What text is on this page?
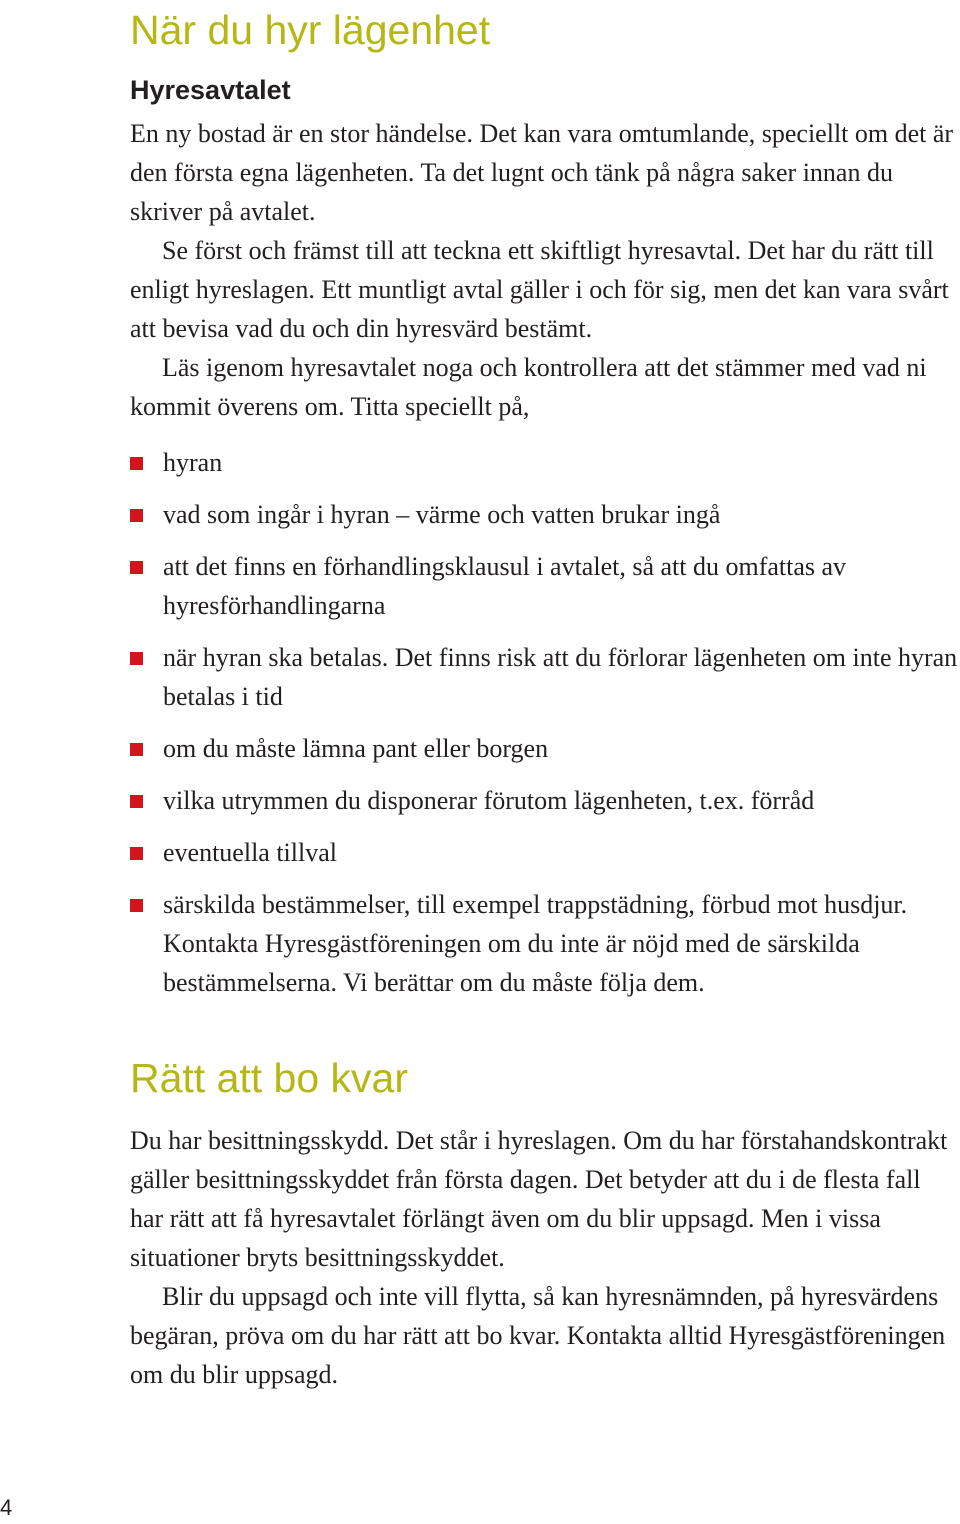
När du hyr lägenhet
Hyresavtalet

En ny bostad är en stor händelse. Det kan vara omtumlande, speciellt om det är den första egna lägenheten. Ta det lugnt och tänk på några saker innan du skriver på avtalet.

Se först och främst till att teckna ett skiftligt hyresavtal. Det har du rätt till enligt hyreslagen. Ett muntligt avtal gäller i och för sig, men det kan vara svårt att bevisa vad du och din hyresvärd bestämt.

Läs igenom hyresavtalet noga och kontrollera att det stämmer med vad ni kommit överens om. Titta speciellt på,

hyran
vad som ingår i hyran – värme och vatten brukar ingå
att det finns en förhandlingsklausul i avtalet, så att du omfattas av hyresförhandlingarna
när hyran ska betalas. Det finns risk att du förlorar lägenheten om inte hyran betalas i tid
om du måste lämna pant eller borgen
vilka utrymmen du disponerar förutom lägenheten, t.ex. förråd
eventuella tillval
särskilda bestämmelser, till exempel trappstädning, förbud mot husdjur. Kontakta Hyresgästföreningen om du inte är nöjd med de särskilda bestämmelserna. Vi berättar om du måste följa dem.
Rätt att bo kvar

Du har besittningsskydd. Det står i hyreslagen. Om du har förstahandskontrakt gäller besittningsskyddet från första dagen. Det betyder att du i de flesta fall har rätt att få hyresavtalet förlängt även om du blir uppsagd. Men i vissa situationer bryts besittningsskyddet.

Blir du uppsagd och inte vill flytta, så kan hyresnämnden, på hyresvärdens begäran, pröva om du har rätt att bo kvar. Kontakta alltid Hyresgästföreningen om du blir uppsagd.

4
